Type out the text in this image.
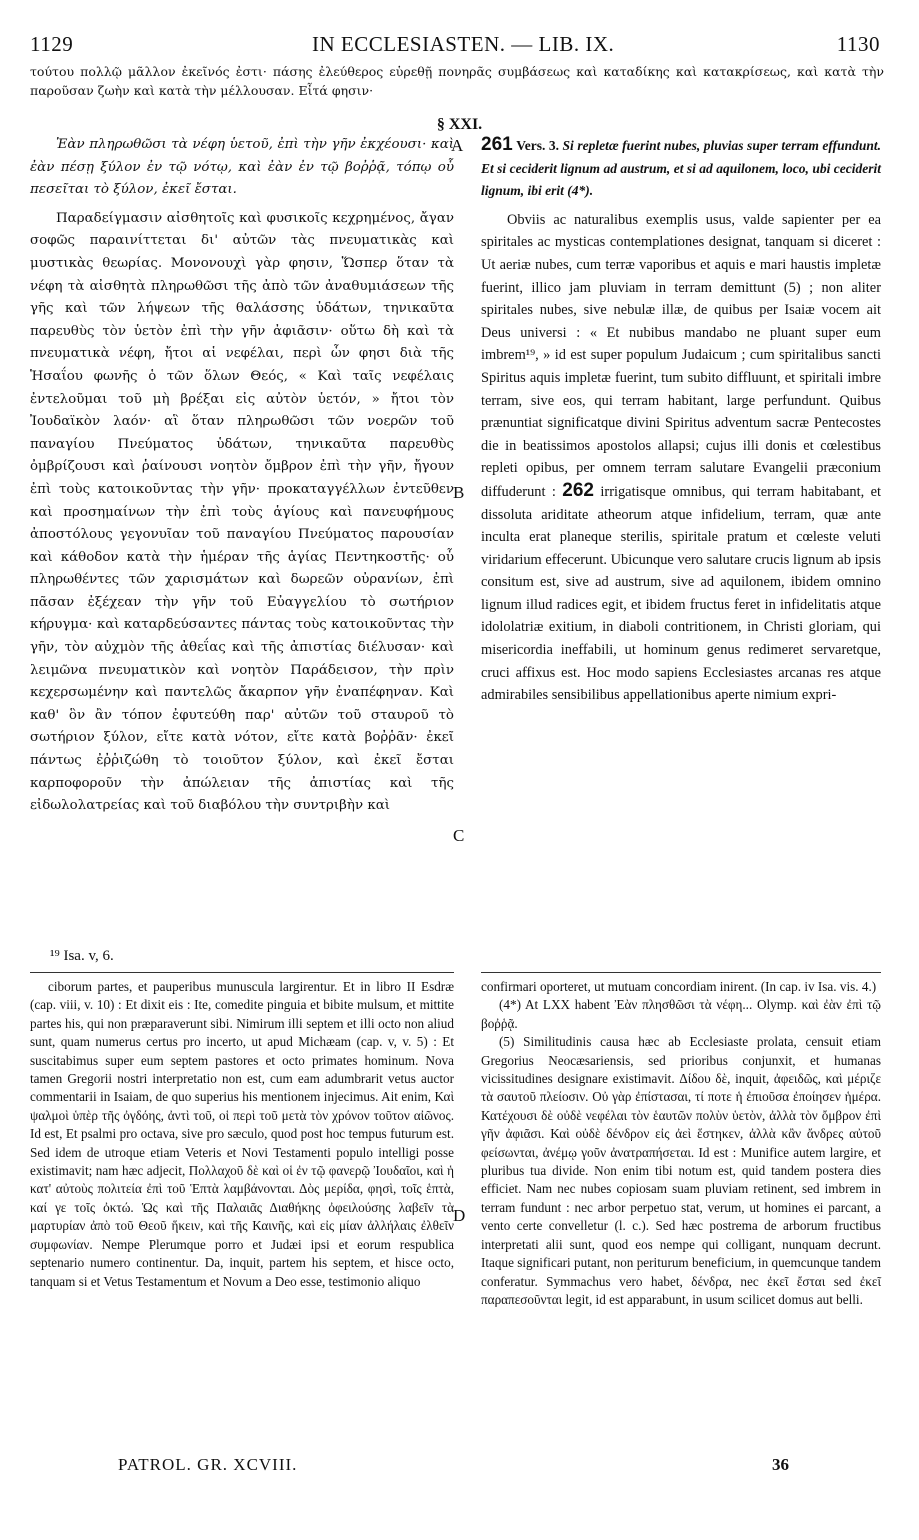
1129	IN ECCLESIASTEN. — LIB. IX.	1130
τούτου πολλῷ μᾶλλον ἐκεῖνός ἐστι· πάσης ἐλεύθερος εὑρεθῇ πονηρᾶς συμβάσεως καὶ καταδίκης καὶ κατακρίσεως, καὶ κατὰ τὴν παροῦσαν ζωὴν καὶ κατὰ τὴν μέλλουσαν. Εἶτά φησιν·
§ XXI.

Ἐὰν πληρωθῶσι τὰ νέφη ὑετοῦ, ἐπὶ τὴν γῆν ἐκχέουσι· καὶ ἐὰν πέσῃ ξύλον ἐν τῷ νότῳ, καὶ ἐὰν ἐν τῷ βοῤῥᾷ, τόπῳ οὗ πεσεῖται τὸ ξύλον, ἐκεῖ ἔσται.

Παραδείγμασιν αἰσθητοῖς καὶ φυσικοῖς κεχρημένος, ἄγαν σοφῶς παραινίττεται δι' αὐτῶν τὰς πνευματικὰς καὶ μυστικὰς θεωρίας. Μονονουχὶ γὰρ φησιν, Ὥσπερ ὅταν τὰ νέφη τὰ αἰσθητὰ πληρωθῶσι τῆς ἀπὸ τῶν ἀναθυμιάσεων τῆς γῆς καὶ τῶν λήψεων τῆς θαλάσσης ὑδάτων, τηνικαῦτα παρευθὺς τὸν ὑετὸν ἐπὶ τὴν γῆν ἀφιᾶσιν· οὕτω δὴ καὶ τὰ πνευματικὰ νέφη, ἤτοι αἱ νεφέλαι, περὶ ὧν φησι διὰ τῆς Ἡσαΐου φωνῆς ὁ τῶν ὅλων Θεός, « Καὶ ταῖς νεφέλαις ἐντελοῦμαι τοῦ μὴ βρέξαι εἰς αὐτὸν ὑετόν, » ἤτοι τὸν Ἰουδαϊκὸν λαόν· αἳ ὅταν πληρωθῶσι τῶν νοερῶν τοῦ παναγίου Πνεύματος ὑδάτων, τηνικαῦτα παρευθὺς ὀμβρίζουσι καὶ ῥαίνουσι νοητὸν ὄμβρον ἐπὶ τὴν γῆν, ἤγουν ἐπὶ τοὺς κατοικοῦντας τὴν γῆν· προκαταγγέλλων ἐντεῦθεν καὶ προσημαίνων τὴν ἐπὶ τοὺς ἁγίους καὶ πανευφήμους ἀποστόλους γεγονυῖαν τοῦ παναγίου Πνεύματος παρουσίαν καὶ κάθοδον κατὰ τὴν ἡμέραν τῆς ἁγίας Πεντηκοστῆς· οὗ πληρωθέντες τῶν χαρισμάτων καὶ δωρεῶν οὐρανίων, ἐπὶ πᾶσαν ἐξέχεαν τὴν γῆν τοῦ Εὐαγγελίου τὸ σωτήριον κήρυγμα· καὶ καταρδεύσαντες πάντας τοὺς κατοικοῦντας τὴν γῆν, τὸν αὐχμὸν τῆς ἀθεΐας καὶ τῆς ἀπιστίας διέλυσαν· καὶ λειμῶνα πνευματικὸν καὶ νοητὸν Παράδεισον, τὴν πρὶν κεχερσωμένην καὶ παντελῶς ἄκαρπον γῆν ἐναπέφηναν. Καὶ καθ' ὃν ἂν τόπον ἐφυτεύθη παρ' αὐτῶν τοῦ σταυροῦ τὸ σωτήριον ξύλον, εἴτε κατὰ νότον, εἴτε κατὰ βοῤῥᾶν· ἐκεῖ πάντως ἐῤῥιζώθη τὸ τοιοῦτον ξύλον, καὶ ἐκεῖ ἔσται καρποφοροῦν τὴν ἀπώλειαν τῆς ἀπιστίας καὶ τῆς εἰδωλολατρείας καὶ τοῦ διαβόλου τὴν συντριβὴν καὶ

261 Vers. 3. Si repletæ fuerint nubes, pluvias super terram effundunt. Et si ceciderit lignum ad austrum, et si ad aquilonem, loco, ubi ceciderit lignum, ibi erit (4*).

Obviis ac naturalibus exemplis usus, valde sapienter per ea spiritales ac mysticas contemplationes designat, tanquam si diceret : Ut aeriæ nubes, cum terræ vaporibus et aquis e mari haustis impletæ fuerint, illico jam pluviam in terram demittunt (5) ; non aliter spiritales nubes, sive nebulæ illæ, de quibus per Isaiæ vocem ait Deus universi : « Et nubibus mandabo ne pluant super eum imbrem¹⁹, » id est super populum Judaicum ; cum spiritalibus sancti Spiritus aquis impletæ fuerint, tum subito diffluunt, et spiritali imbre terram, sive eos, qui terram habitant, large perfundunt. Quibus prænuntiat significatque divini Spiritus adventum sacræ Pentecostes die in beatissimos apostolos allapsi; cujus illi donis et cœlestibus repleti opibus, per omnem terram salutare Evangelii præconium diffuderunt : 262 irrigatisque omnibus, qui terram habitabant, et dissoluta ariditate atheorum atque infidelium, terram, quæ ante inculta erat planeque sterilis, spiritale pratum et cœleste veluti viridarium effecerunt. Ubicunque vero salutare crucis lignum ab ipsis consitum est, sive ad austrum, sive ad aquilonem, ibidem omnino lignum illud radices egit, et ibidem fructus feret in infidelitatis atque idololatriæ exitium, in diaboli contritionem, in Christi gloriam, qui misericordia ineffabili, ut hominum genus redimeret servaretque, cruci affixus est. Hoc modo sapiens Ecclesiastes arcanas res atque admirabiles sensibilibus appellationibus aperte nimium expri-

A
B
C
D
¹⁹ Isa. v, 6.

ciborum partes, et pauperibus munuscula largirentur. Et in libro II Esdræ (cap. viii, v. 10) : Et dixit eis : Ite, comedite pinguia et bibite mulsum, et mittite partes his, qui non præparaverunt sibi. Nimirum illi septem et illi octo non aliud sunt, quam numerus certus pro incerto, ut apud Michæam (cap. v, v. 5) : Et suscitabimus super eum septem pastores et octo primates hominum. Nova tamen Gregorii nostri interpretatio non est, cum eam adumbrarit vetus auctor commentarii in Isaiam, de quo superius his mentionem injecimus. Ait enim, Καὶ ψαλμοὶ ὑπὲρ τῆς ὀγδόης, ἀντὶ τοῦ, οἱ περὶ τοῦ μετὰ τὸν χρόνον τοῦτον αἰῶνος. Id est, Et psalmi pro octava, sive pro sæculo, quod post hoc tempus futurum est. Sed idem de utroque etiam Veteris et Novi Testamenti populo intelligi posse existimavit; nam hæc adjecit, Πολλαχοῦ δὲ καὶ οἱ ἐν τῷ φανερῷ Ἰουδαῖοι, καὶ ἡ κατ' αὐτοὺς πολιτεία ἐπὶ τοῦ Ἑπτὰ λαμβάνονται. Δὸς μερίδα, φησὶ, τοῖς ἑπτὰ, καί γε τοῖς ὀκτώ. Ὡς καὶ τῆς Παλαιᾶς Διαθήκης ὀφειλούσης λαβεῖν τὰ μαρτυρίαν ἀπὸ τοῦ Θεοῦ ἥκειν, καὶ τῆς Καινῆς, καὶ εἰς μίαν ἀλλήλαις ἐλθεῖν συμφωνίαν. Nempe Plerumque porro et Judæi ipsi et eorum respublica septenario numero continentur. Da, inquit, partem his septem, et hisce octo, tanquam si et Vetus Testamentum et Novum a Deo esse, testimonio aliquo

confirmari oporteret, ut mutuam concordiam inirent. (In cap. iv Isa. vis. 4.)

(4*) At LXX habent Ἐὰν πλησθῶσι τὰ νέφη... Olymp. καὶ ἐὰν ἐπὶ τῷ βοῤῥᾷ.

(5) Similitudinis causa hæc ab Ecclesiaste prolata, censuit etiam Gregorius Neocæsariensis, sed prioribus conjunxit, et humanas vicissitudines designare existimavit. Δίδου δὲ, inquit, ἀφειδῶς, καὶ μέριζε τὰ σαυτοῦ πλείοσιν. Οὐ γὰρ ἐπίστασαι, τί ποτε ἡ ἐπιοῦσα ἐποίησεν ἡμέρα. Κατέχουσι δὲ οὐδὲ νεφέλαι τὸν ἑαυτῶν πολὺν ὑετὸν, ἀλλὰ τὸν ὄμβρον ἐπὶ γῆν ἀφιᾶσι. Καὶ οὐδὲ δένδρον εἰς ἀεὶ ἕστηκεν, ἀλλὰ κἂν ἄνδρες αὐτοῦ φείσωνται, ἀνέμῳ γοῦν ἀνατραπήσεται. Id est : Munifice autem largire, et pluribus tua divide. Non enim tibi notum est, quid tandem postera dies efficiet. Nam nec nubes copiosam suam pluviam retinent, sed imbrem in terram fundunt : nec arbor perpetuo stat, verum, ut homines ei parcant, a vento certe convelletur (l. c.). Sed hæc postrema de arborum fructibus interpretati alii sunt, quod eos nempe qui colligant, nunquam decrunt. Itaque significari putant, non periturum beneficium, in quemcunque tandem conferatur. Symmachus vero habet, δένδρα, nec ἐκεῖ ἔσται sed ἐκεῖ παραπεσοῦνται legit, id est apparabunt, in usum scilicet domus aut belli.

PATROL. GR. XCVIII.	36
